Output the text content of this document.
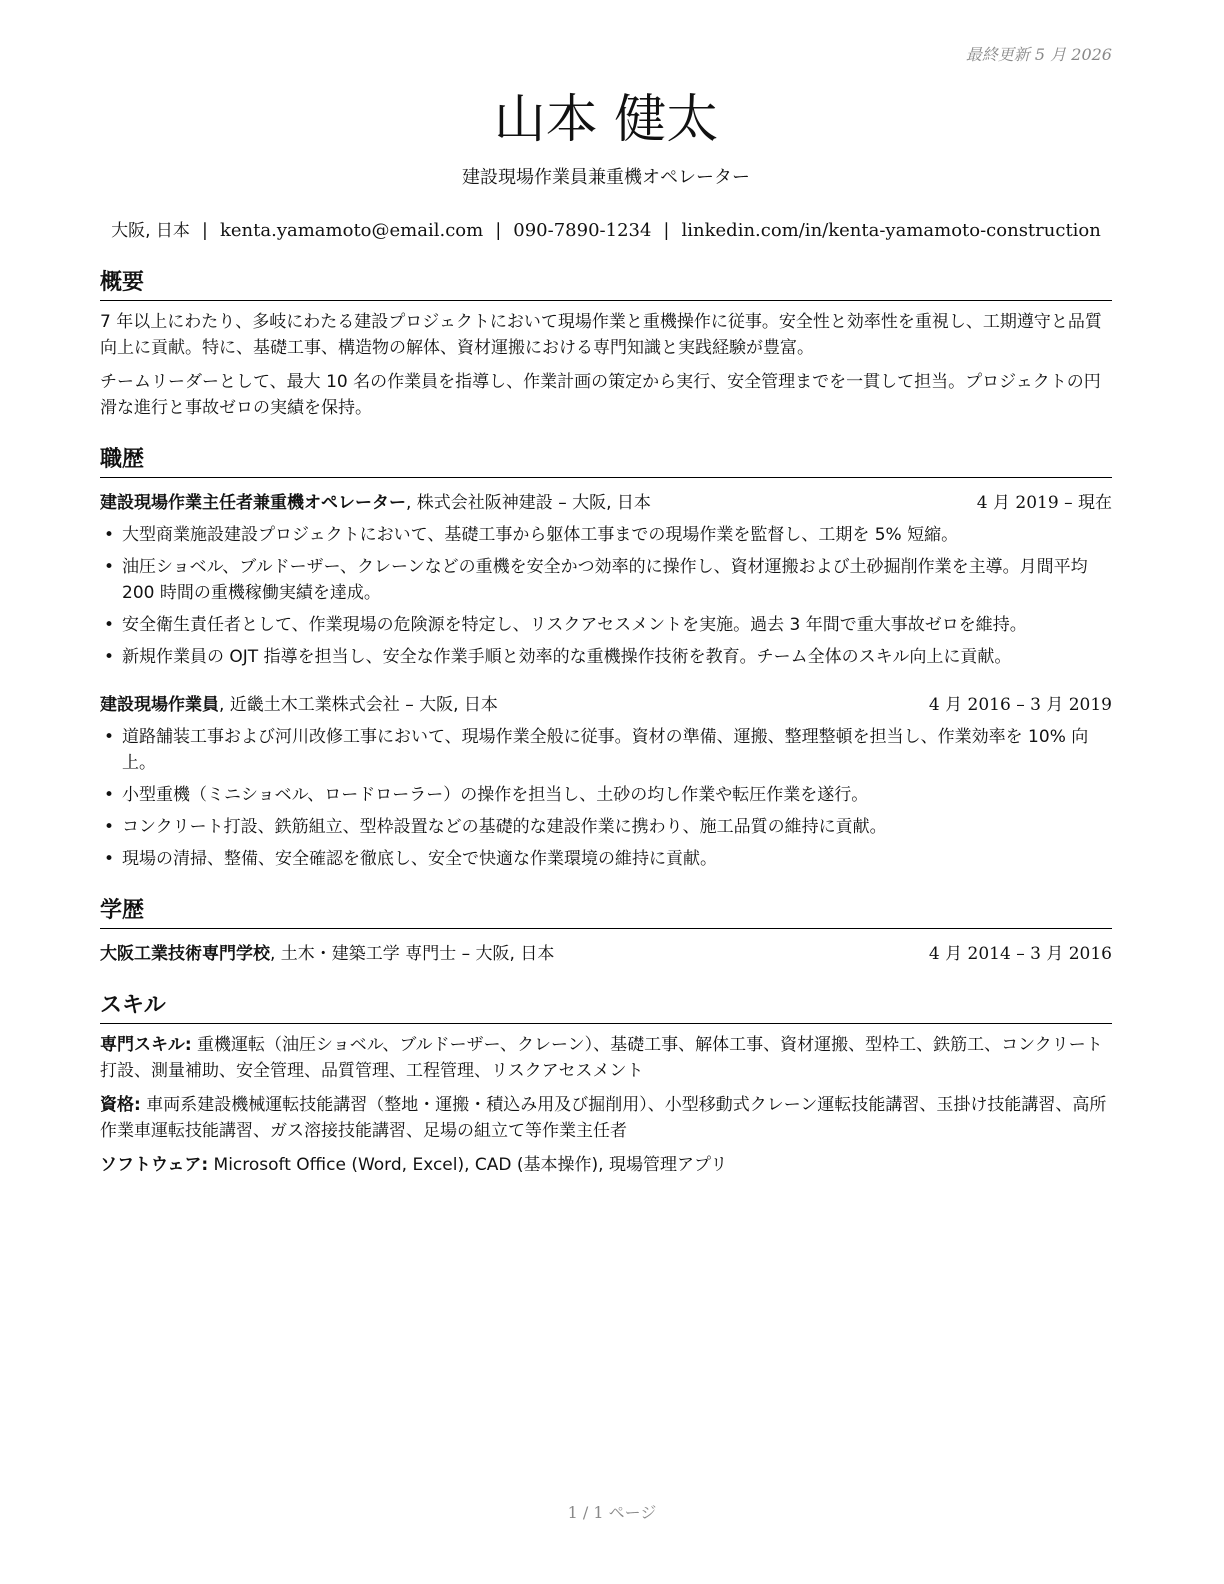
最終更新 5 月 2026
山本 健太
建設現場作業員兼重機オペレーター
大阪, 日本 | kenta.yamamoto@email.com | 090-7890-1234 | linkedin.com/in/kenta-yamamoto-construction
概要

7 年以上にわたり、多岐にわたる建設プロジェクトにおいて現場作業と重機操作に従事。安全性と効率性を重視し、工期遵守と品質向上に貢献。特に、基礎工事、構造物の解体、資材運搬における専門知識と実践経験が豊富。

チームリーダーとして、最大 10 名の作業員を指導し、作業計画の策定から実行、安全管理までを一貫して担当。プロジェクトの円滑な進行と事故ゼロの実績を保持。

職歴
建設現場作業主任者兼重機オペレーター, 株式会社阪神建設 – 大阪, 日本	4 月 2019 – 現在
• 大型商業施設建設プロジェクトにおいて、基礎工事から躯体工事までの現場作業を監督し、工期を 5% 短縮。
• 油圧ショベル、ブルドーザー、クレーンなどの重機を安全かつ効率的に操作し、資材運搬および土砂掘削作業を主導。月間平均 200 時間の重機稼働実績を達成。
• 安全衛生責任者として、作業現場の危険源を特定し、リスクアセスメントを実施。過去 3 年間で重大事故ゼロを維持。
• 新規作業員の OJT 指導を担当し、安全な作業手順と効率的な重機操作技術を教育。チーム全体のスキル向上に貢献。
建設現場作業員, 近畿土木工業株式会社 – 大阪, 日本	4 月 2016 – 3 月 2019
• 道路舗装工事および河川改修工事において、現場作業全般に従事。資材の準備、運搬、整理整頓を担当し、作業効率を 10% 向上。
• 小型重機（ミニショベル、ロードローラー）の操作を担当し、土砂の均し作業や転圧作業を遂行。
• コンクリート打設、鉄筋組立、型枠設置などの基礎的な建設作業に携わり、施工品質の維持に貢献。
• 現場の清掃、整備、安全確認を徹底し、安全で快適な作業環境の維持に貢献。
学歴
大阪工業技術専門学校, 土木・建築工学 専門士 – 大阪, 日本	4 月 2014 – 3 月 2016
スキル
専門スキル: 重機運転（油圧ショベル、ブルドーザー、クレーン）、基礎工事、解体工事、資材運搬、型枠工、鉄筋工、コンクリート打設、測量補助、安全管理、品質管理、工程管理、リスクアセスメント
資格: 車両系建設機械運転技能講習（整地・運搬・積込み用及び掘削用）、小型移動式クレーン運転技能講習、玉掛け技能講習、高所作業車運転技能講習、ガス溶接技能講習、足場の組立て等作業主任者
ソフトウェア: Microsoft Office (Word, Excel), CAD (基本操作), 現場管理アプリ
1 / 1 ページ
